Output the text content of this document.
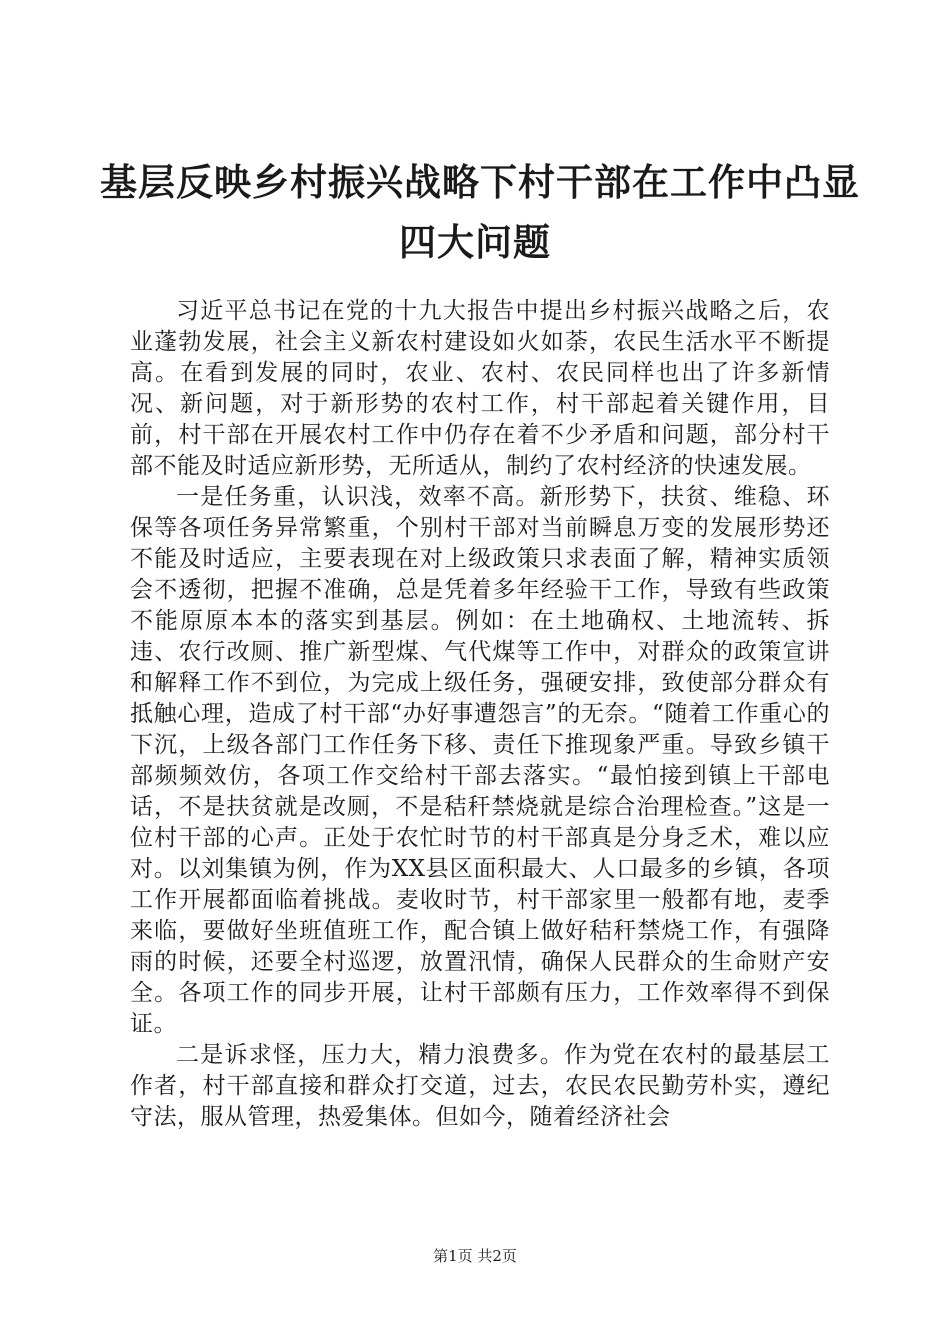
基层反映乡村振兴战略下村干部在工作中凸显
四大问题

习近平总书记在党的十九大报告中提出乡村振兴战略之后，农业蓬勃发展，社会主义新农村建设如火如荼，农民生活水平不断提高。在看到发展的同时，农业、农村、农民同样也出了许多新情况、新问题，对于新形势的农村工作，村干部起着关键作用，目前，村干部在开展农村工作中仍存在着不少矛盾和问题，部分村干部不能及时适应新形势，无所适从，制约了农村经济的快速发展。

一是任务重，认识浅，效率不高。新形势下，扶贫、维稳、环保等各项任务异常繁重，个别村干部对当前瞬息万变的发展形势还不能及时适应，主要表现在对上级政策只求表面了解，精神实质领会不透彻，把握不准确，总是凭着多年经验干工作，导致有些政策不能原原本本的落实到基层。例如：在土地确权、土地流转、拆违、农行改厕、推广新型煤、气代煤等工作中，对群众的政策宣讲和解释工作不到位，为完成上级任务，强硬安排，致使部分群众有抵触心理，造成了村干部“办好事遭怨言”的无奈。“随着工作重心的下沉，上级各部门工作任务下移、责任下推现象严重。导致乡镇干部频频效仿，各项工作交给村干部去落实。“最怕接到镇上干部电话，不是扶贫就是改厕，不是秸秆禁烧就是综合治理检查。”这是一位村干部的心声。正处于农忙时节的村干部真是分身乏术，难以应对。以刘集镇为例，作为XX县区面积最大、人口最多的乡镇，各项工作开展都面临着挑战。麦收时节，村干部家里一般都有地，麦季来临，要做好坐班值班工作，配合镇上做好秸秆禁烧工作，有强降雨的时候，还要全村巡逻，放置汛情，确保人民群众的生命财产安全。各项工作的同步开展，让村干部颇有压力，工作效率得不到保证。

二是诉求怪，压力大，精力浪费多。作为党在农村的最基层工作者，村干部直接和群众打交道，过去，农民农民勤劳朴实，遵纪守法，服从管理，热爱集体。但如今，随着经济社会

第1页 共2页
